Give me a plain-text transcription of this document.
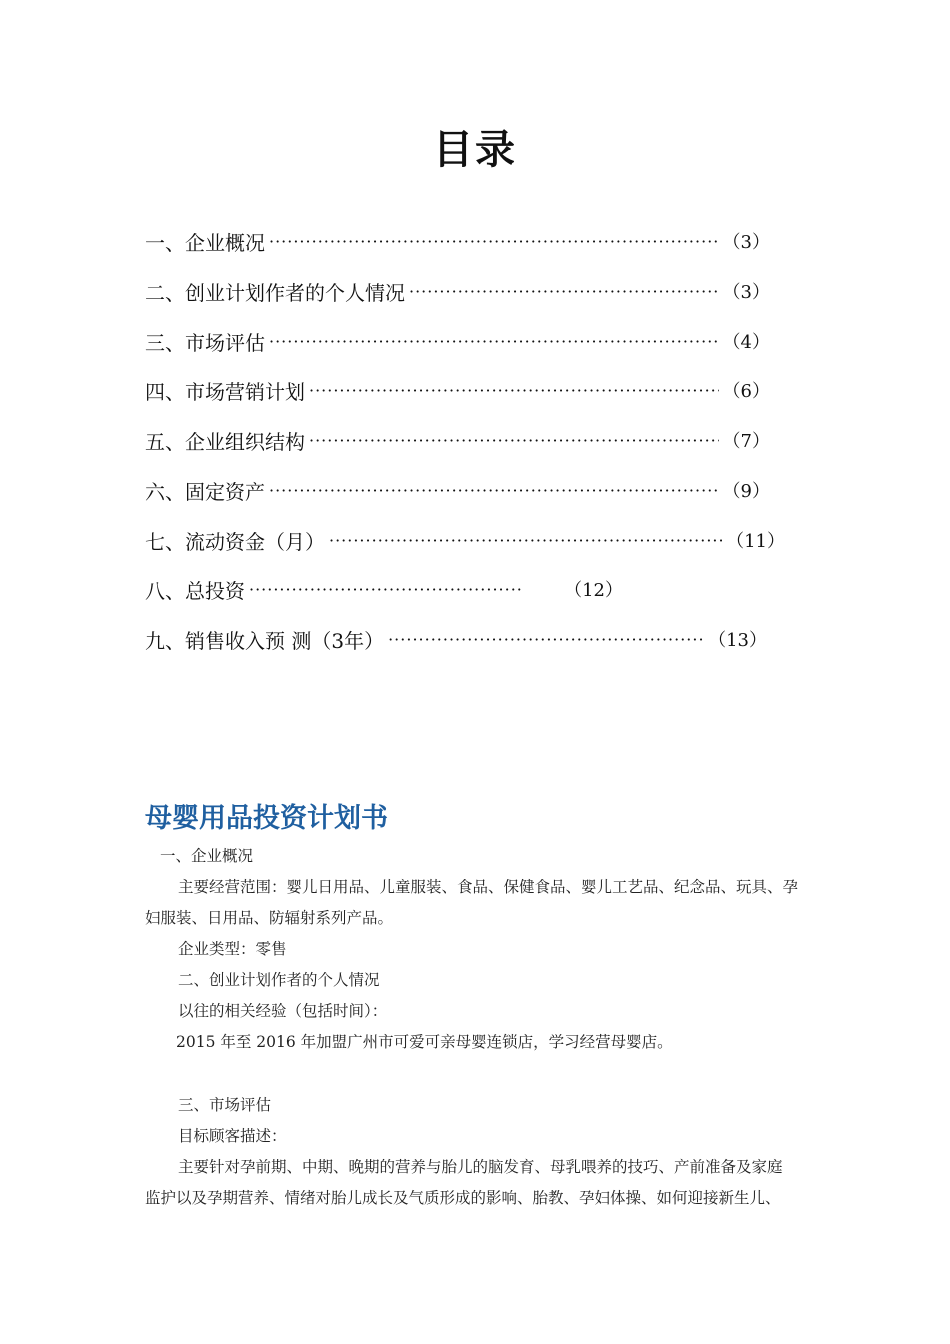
目录
一、企业概况 ·····	（3）
二、创业计划作者的个人情况 ·····	（3）
三、市场评估 ·····	（4）
四、市场营销计划 ·····	（6）
五、企业组织结构 ·····	（7）
六、固定资产 ·····	（9）
七、流动资金（月） ·····	（11）
八、总投资 ·····	（12）
九、销售收入预 测（3年） ·····	（13）
母婴用品投资计划书
一、企业概况
主要经营范围：婴儿日用品、儿童服装、食品、保健食品、婴儿工艺品、纪念品、玩具、孕
妇服装、日用品、防辐射系列产品。
企业类型：零售
二、创业计划作者的个人情况
以往的相关经验（包括时间）：
2015 年至 2016 年加盟广州市可爱可亲母婴连锁店，学习经营母婴店。
三、市场评估
目标顾客描述：
主要针对孕前期、中期、晚期的营养与胎儿的脑发育、母乳喂养的技巧、产前准备及家庭
监护以及孕期营养、情绪对胎儿成长及气质形成的影响、胎教、孕妇体操、如何迎接新生儿、
